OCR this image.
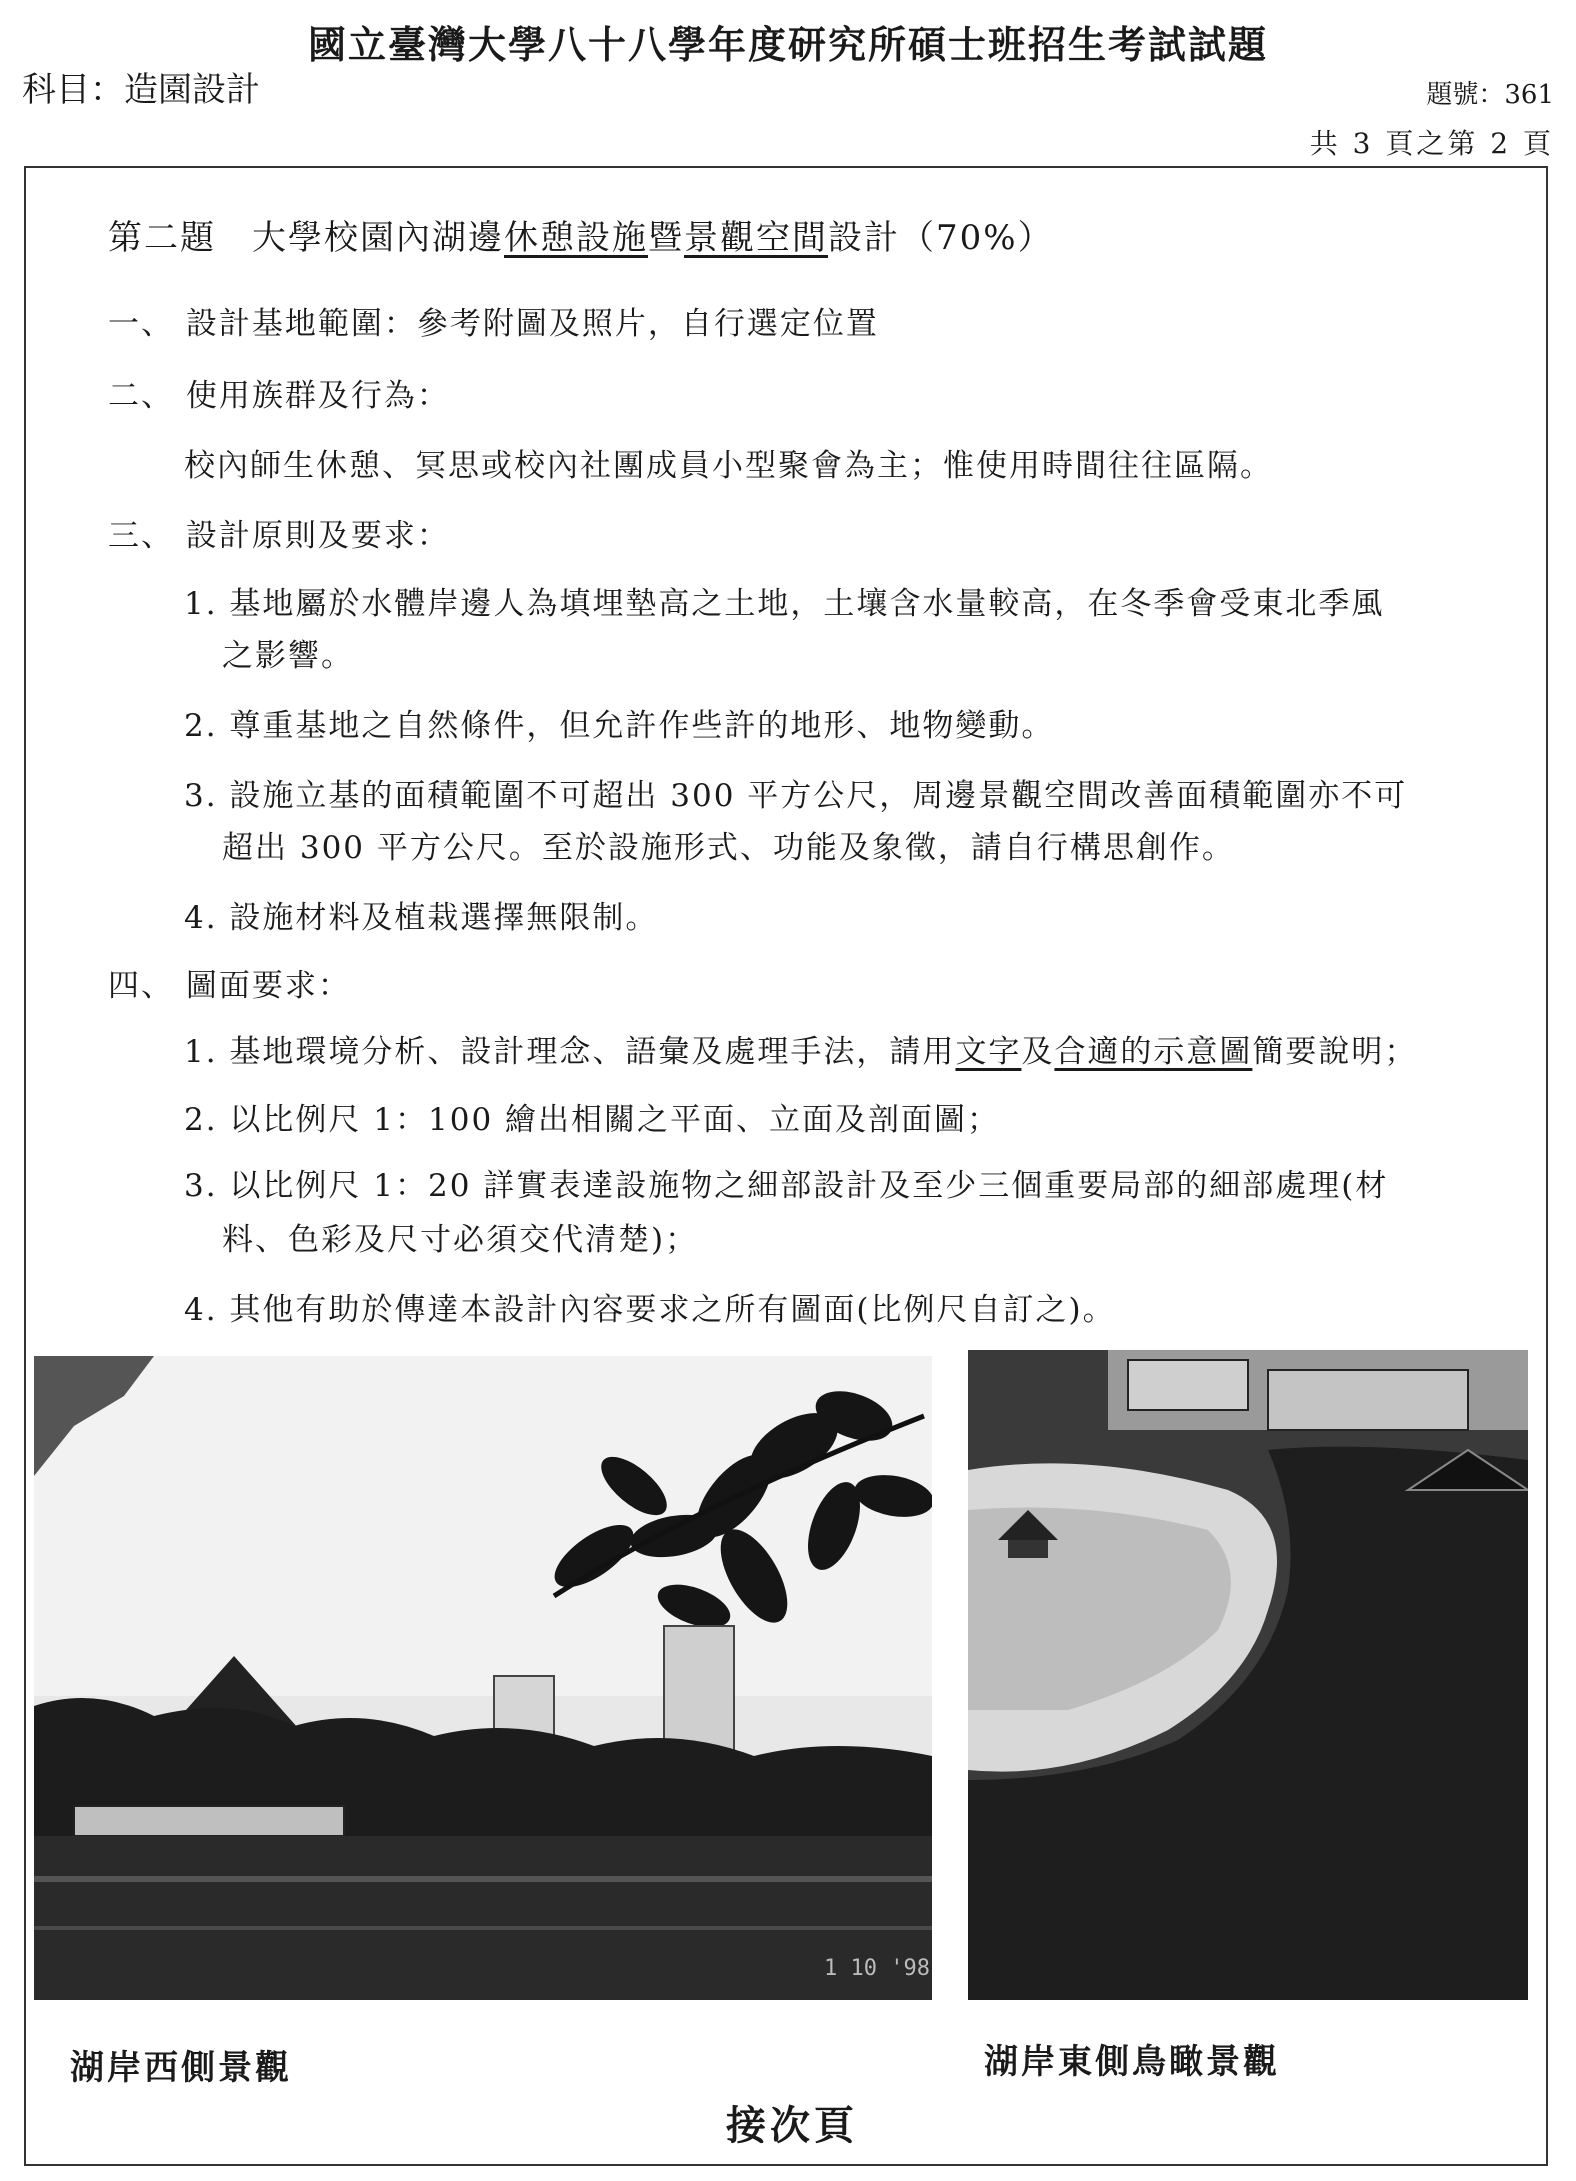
國立臺灣大學八十八學年度研究所碩士班招生考試試題
科目：造園設計	題號：361
共 3 頁之第 2 頁
第二題　大學校園內湖邊休憩設施暨景觀空間設計（70%）
一、 設計基地範圍：參考附圖及照片，自行選定位置
二、 使用族群及行為：
校內師生休憩、冥思或校內社團成員小型聚會為主；惟使用時間往往區隔。
三、 設計原則及要求：
1. 基地屬於水體岸邊人為填埋墊高之土地，土壤含水量較高，在冬季會受東北季風
之影響。
2. 尊重基地之自然條件，但允許作些許的地形、地物變動。
3. 設施立基的面積範圍不可超出 300 平方公尺，周邊景觀空間改善面積範圍亦不可
超出 300 平方公尺。至於設施形式、功能及象徵，請自行構思創作。
4. 設施材料及植栽選擇無限制。
四、 圖面要求：
1. 基地環境分析、設計理念、語彙及處理手法，請用文字及合適的示意圖簡要說明；
2. 以比例尺 1：100 繪出相關之平面、立面及剖面圖；
3. 以比例尺 1：20 詳實表達設施物之細部設計及至少三個重要局部的細部處理(材
料、色彩及尺寸必須交代清楚)；
4. 其他有助於傳達本設計內容要求之所有圖面(比例尺自訂之)。
1 10 '98
湖岸西側景觀	湖岸東側鳥瞰景觀
接次頁
